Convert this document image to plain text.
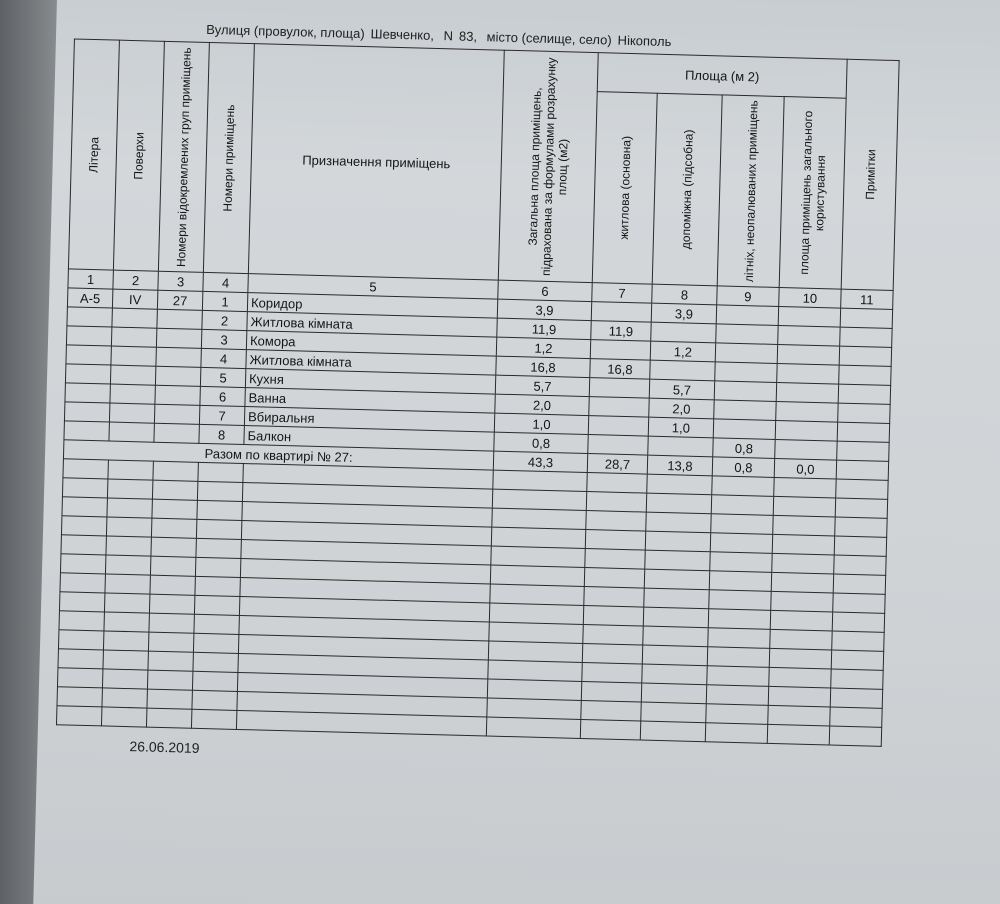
Вулиця (провулок, площа) Шевченко, N 83, місто (селище, село) Нікополь
Літера	Поверхи	Номери відокремлених груп приміщень	Номери приміщень	Призначення приміщень	Загальна площа приміщень, підрахована за формулами розрахунку площ (м2)	Площа (м 2)				Примітки

						житлова (основна)	допоміжна (підсобна)	літніх, неопалюваних приміщень	площа приміщень загального користування	

1	2	3	4	5	6	7	8	9	10	11
А-5	IV	27	1	Коридор	3,9		3,9			
			2	Житлова кімната	11,9	11,9				
			3	Комора	1,2		1,2			
			4	Житлова кімната	16,8	16,8				
			5	Кухня	5,7		5,7			
			6	Ванна	2,0		2,0			
			7	Вбиральня	1,0		1,0			
			8	Балкон	0,8			0,8		
Разом по квартирі № 27:					43,3	28,7	13,8	0,8	0,0	

26.06.2019
